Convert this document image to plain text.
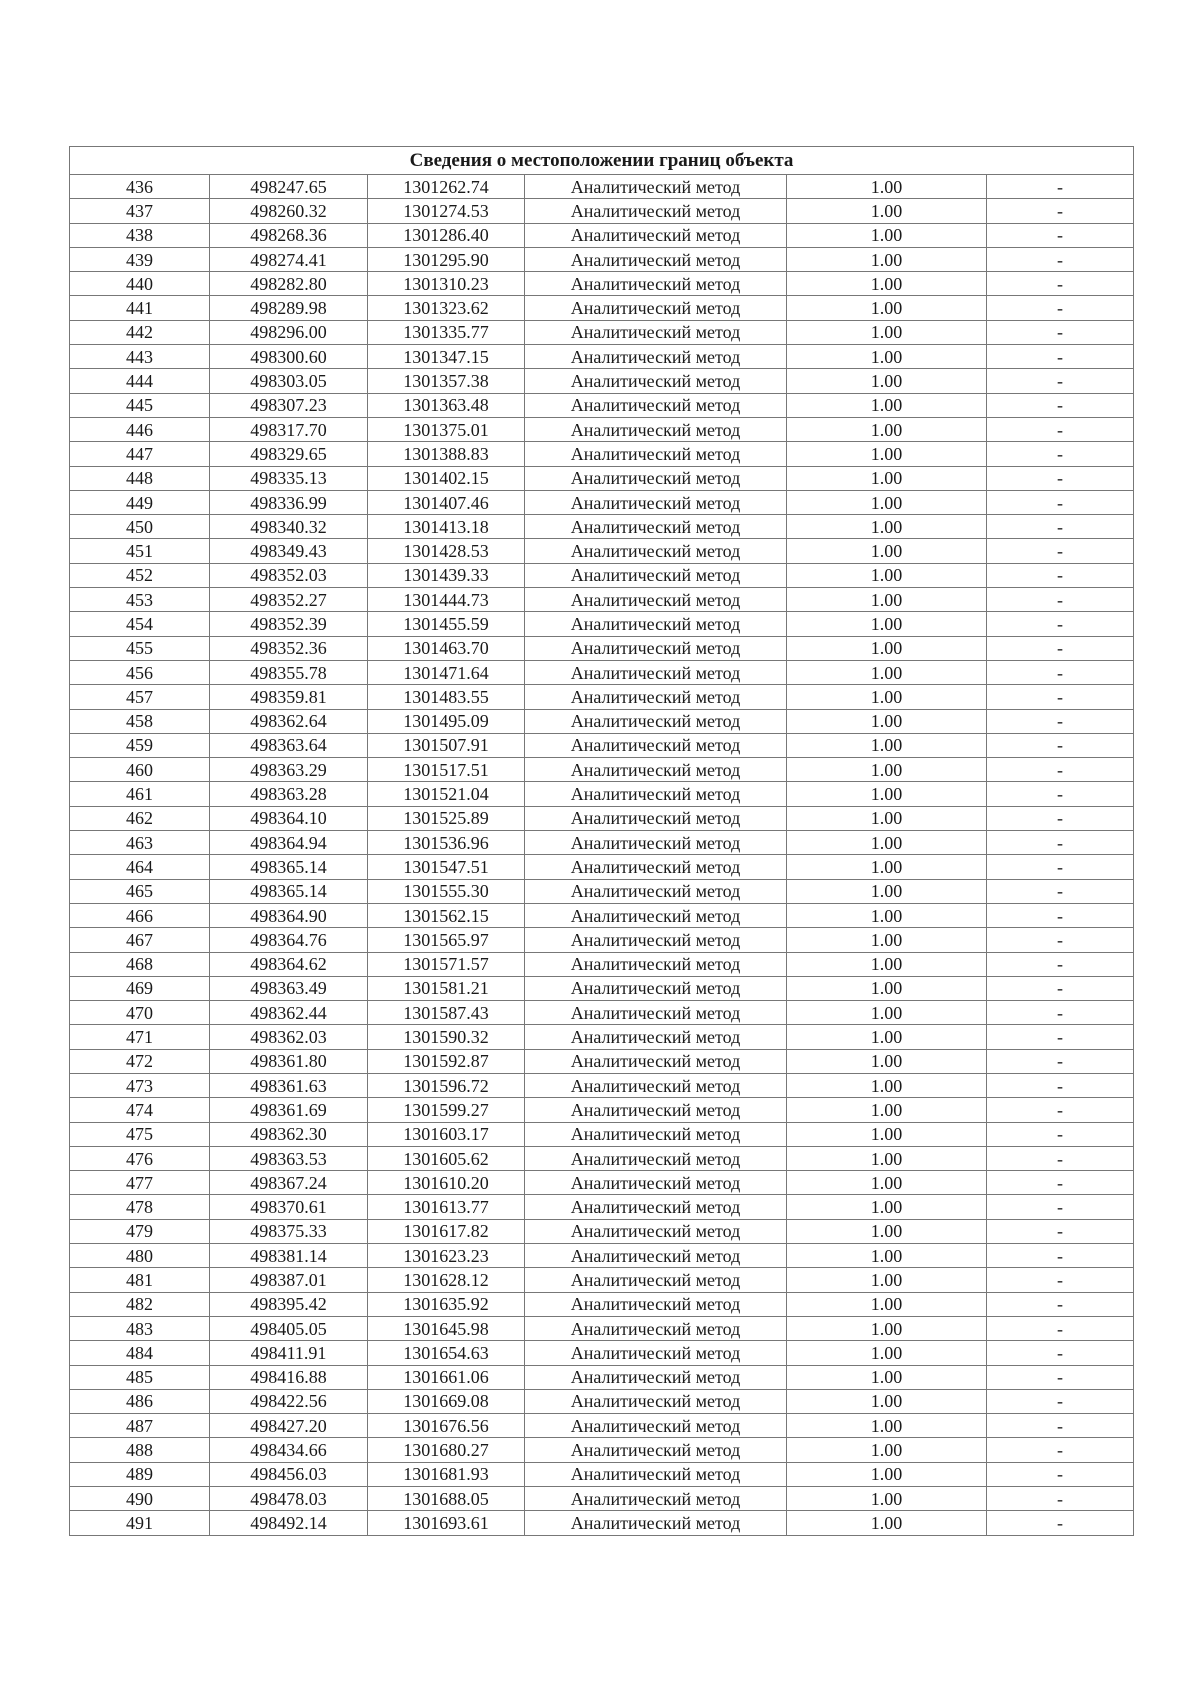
Сведения о местоположении границ объекта					
436	498247.65	1301262.74	Аналитический метод	1.00	-
437	498260.32	1301274.53	Аналитический метод	1.00	-
438	498268.36	1301286.40	Аналитический метод	1.00	-
439	498274.41	1301295.90	Аналитический метод	1.00	-
440	498282.80	1301310.23	Аналитический метод	1.00	-
441	498289.98	1301323.62	Аналитический метод	1.00	-
442	498296.00	1301335.77	Аналитический метод	1.00	-
443	498300.60	1301347.15	Аналитический метод	1.00	-
444	498303.05	1301357.38	Аналитический метод	1.00	-
445	498307.23	1301363.48	Аналитический метод	1.00	-
446	498317.70	1301375.01	Аналитический метод	1.00	-
447	498329.65	1301388.83	Аналитический метод	1.00	-
448	498335.13	1301402.15	Аналитический метод	1.00	-
449	498336.99	1301407.46	Аналитический метод	1.00	-
450	498340.32	1301413.18	Аналитический метод	1.00	-
451	498349.43	1301428.53	Аналитический метод	1.00	-
452	498352.03	1301439.33	Аналитический метод	1.00	-
453	498352.27	1301444.73	Аналитический метод	1.00	-
454	498352.39	1301455.59	Аналитический метод	1.00	-
455	498352.36	1301463.70	Аналитический метод	1.00	-
456	498355.78	1301471.64	Аналитический метод	1.00	-
457	498359.81	1301483.55	Аналитический метод	1.00	-
458	498362.64	1301495.09	Аналитический метод	1.00	-
459	498363.64	1301507.91	Аналитический метод	1.00	-
460	498363.29	1301517.51	Аналитический метод	1.00	-
461	498363.28	1301521.04	Аналитический метод	1.00	-
462	498364.10	1301525.89	Аналитический метод	1.00	-
463	498364.94	1301536.96	Аналитический метод	1.00	-
464	498365.14	1301547.51	Аналитический метод	1.00	-
465	498365.14	1301555.30	Аналитический метод	1.00	-
466	498364.90	1301562.15	Аналитический метод	1.00	-
467	498364.76	1301565.97	Аналитический метод	1.00	-
468	498364.62	1301571.57	Аналитический метод	1.00	-
469	498363.49	1301581.21	Аналитический метод	1.00	-
470	498362.44	1301587.43	Аналитический метод	1.00	-
471	498362.03	1301590.32	Аналитический метод	1.00	-
472	498361.80	1301592.87	Аналитический метод	1.00	-
473	498361.63	1301596.72	Аналитический метод	1.00	-
474	498361.69	1301599.27	Аналитический метод	1.00	-
475	498362.30	1301603.17	Аналитический метод	1.00	-
476	498363.53	1301605.62	Аналитический метод	1.00	-
477	498367.24	1301610.20	Аналитический метод	1.00	-
478	498370.61	1301613.77	Аналитический метод	1.00	-
479	498375.33	1301617.82	Аналитический метод	1.00	-
480	498381.14	1301623.23	Аналитический метод	1.00	-
481	498387.01	1301628.12	Аналитический метод	1.00	-
482	498395.42	1301635.92	Аналитический метод	1.00	-
483	498405.05	1301645.98	Аналитический метод	1.00	-
484	498411.91	1301654.63	Аналитический метод	1.00	-
485	498416.88	1301661.06	Аналитический метод	1.00	-
486	498422.56	1301669.08	Аналитический метод	1.00	-
487	498427.20	1301676.56	Аналитический метод	1.00	-
488	498434.66	1301680.27	Аналитический метод	1.00	-
489	498456.03	1301681.93	Аналитический метод	1.00	-
490	498478.03	1301688.05	Аналитический метод	1.00	-
491	498492.14	1301693.61	Аналитический метод	1.00	-
